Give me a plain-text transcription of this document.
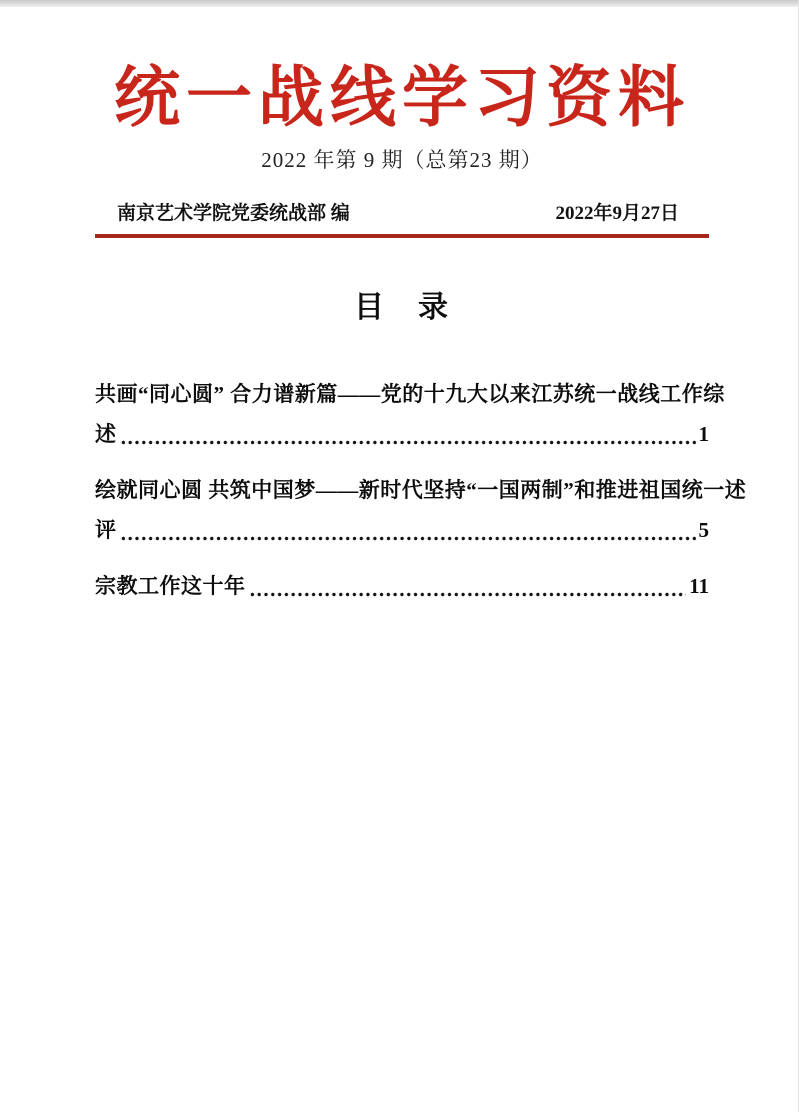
统一战线学习资料
2022 年第 9 期（总第23 期）
南京艺术学院党委统战部 编	2022年9月27日
目　录
共画“同心圆” 合力谱新篇——党的十九大以来江苏统一战线工作综
述	1
绘就同心圆 共筑中国梦——新时代坚持“一国两制”和推进祖国统一述
评	5
宗教工作这十年	11
